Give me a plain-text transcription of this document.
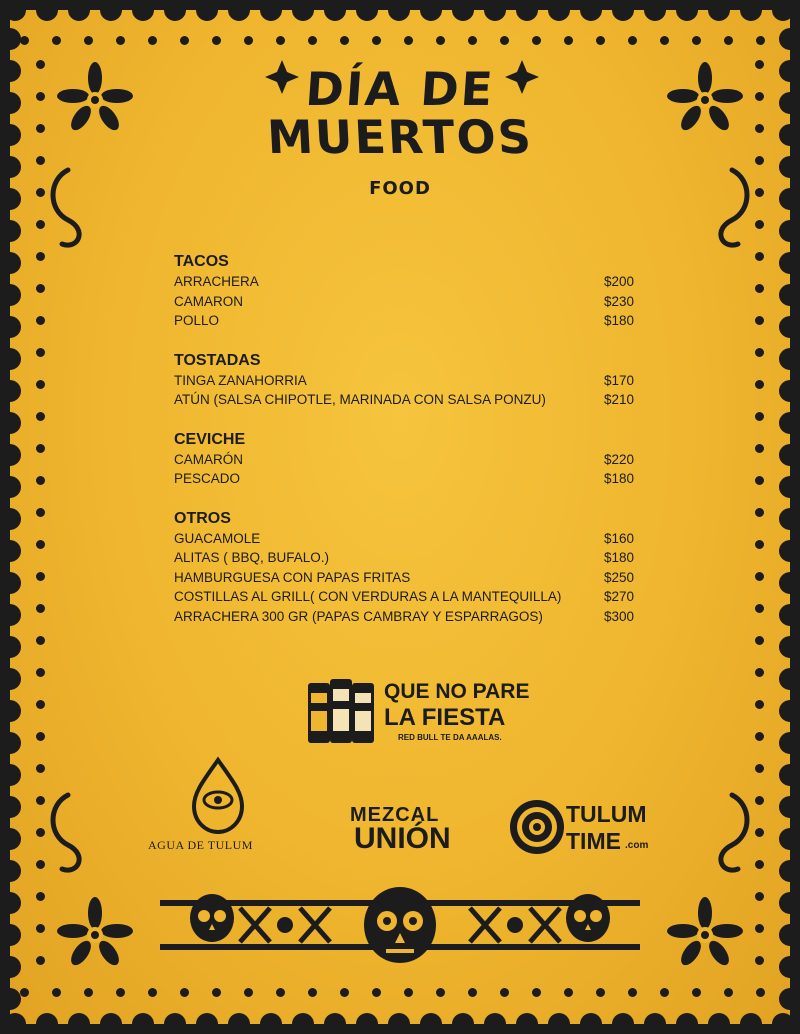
DÍA DE
MUERTOS
FOOD
TACOS
ARRACHERA	$200
CAMARON	$230
POLLO	$180
TOSTADAS
TINGA ZANAHORRIA	$170
ATÚN (SALSA CHIPOTLE, MARINADA CON SALSA PONZU)	$210
CEVICHE
CAMARÓN	$220
PESCADO	$180
OTROS
GUACAMOLE	$160
ALITAS ( BBQ, BUFALO.)	$180
HAMBURGUESA CON PAPAS FRITAS	$250
COSTILLAS AL GRILL( CON VERDURAS A LA MANTEQUILLA)	$270
ARRACHERA 300 GR (PAPAS CAMBRAY Y ESPARRAGOS)	$300
QUE NO PARE
LA FIESTA
RED BULL TE DA AAALAS.
AGUA DE TULUM
MEZCAL
UNIÓN
TULUM
TIME .com
